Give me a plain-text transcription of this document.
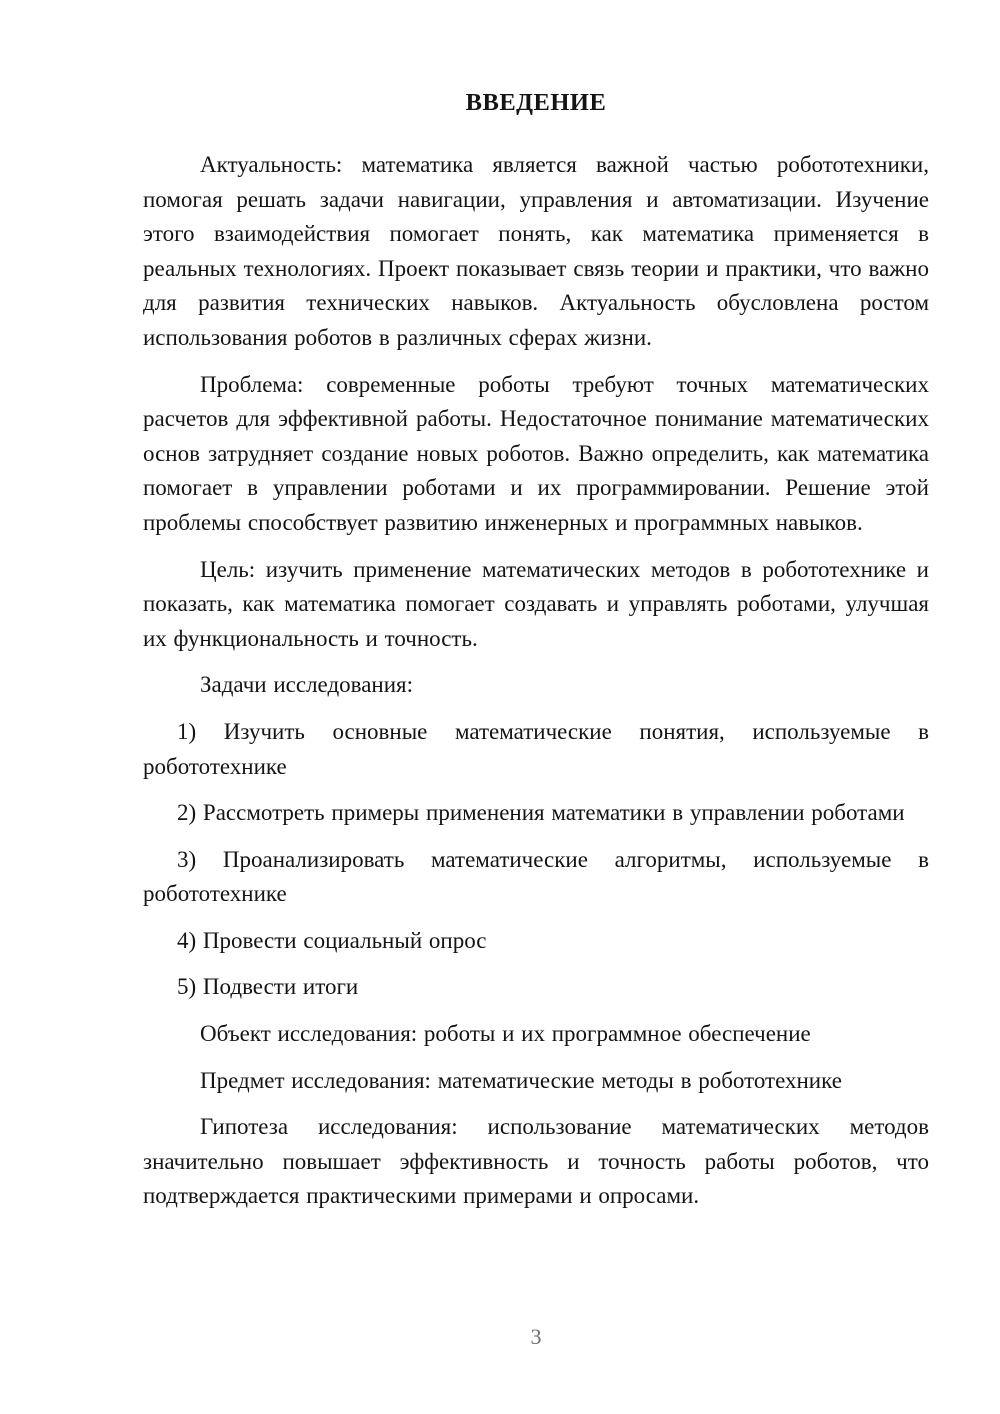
ВВЕДЕНИЕ

Актуальность: математика является важной частью робототехники, помогая решать задачи навигации, управления и автоматизации. Изучение этого взаимодействия помогает понять, как математика применяется в реальных технологиях. Проект показывает связь теории и практики, что важно для развития технических навыков. Актуальность обусловлена ростом использования роботов в различных сферах жизни.

Проблема: современные роботы требуют точных математических расчетов для эффективной работы. Недостаточное понимание математических основ затрудняет создание новых роботов. Важно определить, как математика помогает в управлении роботами и их программировании. Решение этой проблемы способствует развитию инженерных и программных навыков.

Цель: изучить применение математических методов в робототехнике и показать, как математика помогает создавать и управлять роботами, улучшая их функциональность и точность.

Задачи исследования:

1) Изучить основные математические понятия, используемые в робототехнике

2) Рассмотреть примеры применения математики в управлении роботами

3) Проанализировать математические алгоритмы, используемые в робототехнике

4) Провести социальный опрос

5) Подвести итоги

Объект исследования: роботы и их программное обеспечение

Предмет исследования: математические методы в робототехнике

Гипотеза исследования: использование математических методов значительно повышает эффективность и точность работы роботов, что подтверждается практическими примерами и опросами.

3
